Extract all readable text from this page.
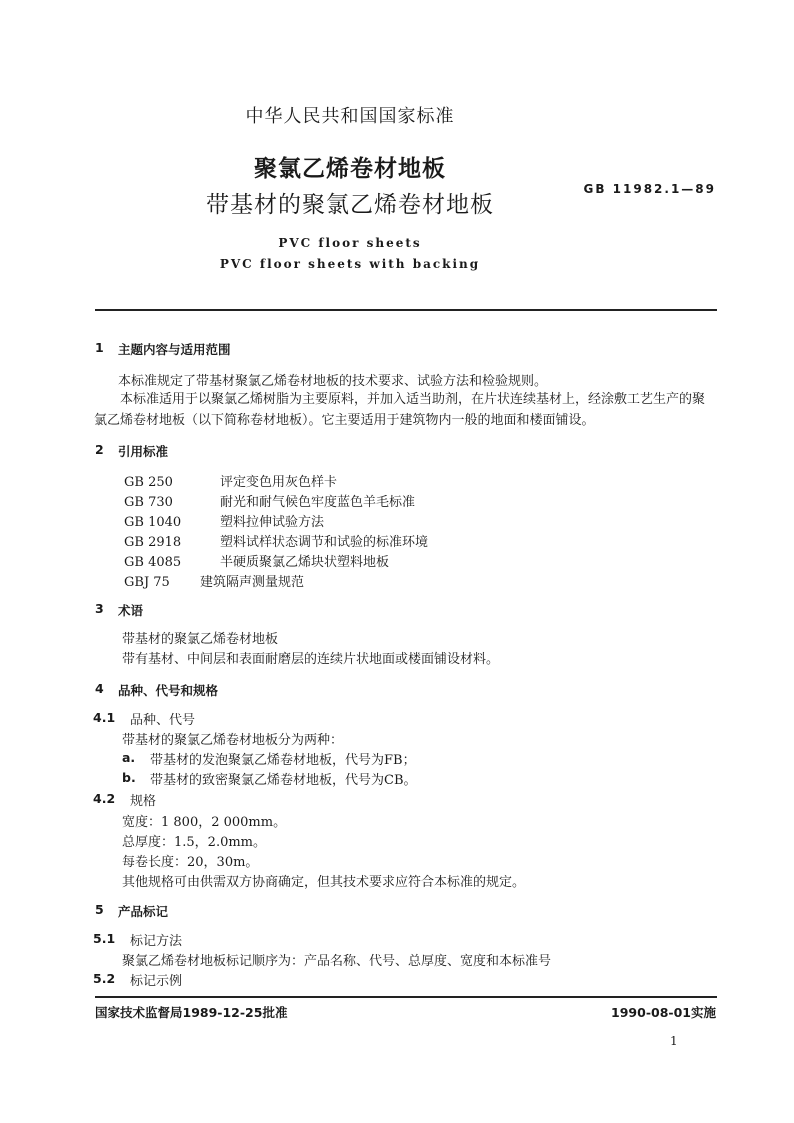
中华人民共和国国家标准
聚氯乙烯卷材地板
带基材的聚氯乙烯卷材地板
GB 11982.1—89
PVC floor sheets
PVC floor sheets with backing
1 主题内容与适用范围
本标准规定了带基材聚氯乙烯卷材地板的技术要求、试验方法和检验规则。
本标准适用于以聚氯乙烯树脂为主要原料，并加入适当助剂，在片状连续基材上，经涂敷工艺生产的聚氯乙烯卷材地板（以下简称卷材地板）。它主要适用于建筑物内一般的地面和楼面铺设。
2 引用标准
GB 250	评定变色用灰色样卡
GB 730	耐光和耐气候色牢度蓝色羊毛标准
GB 1040	塑料拉伸试验方法
GB 2918	塑料试样状态调节和试验的标准环境
GB 4085	半硬质聚氯乙烯块状塑料地板
GBJ 75 建筑隔声测量规范
3 术语
带基材的聚氯乙烯卷材地板
带有基材、中间层和表面耐磨层的连续片状地面或楼面铺设材料。
4 品种、代号和规格
4.1 品种、代号
带基材的聚氯乙烯卷材地板分为两种：
a. 带基材的发泡聚氯乙烯卷材地板，代号为FB；
b. 带基材的致密聚氯乙烯卷材地板，代号为CB。
4.2 规格
宽度：1 800，2 000mm。
总厚度：1.5，2.0mm。
每卷长度：20，30m。
其他规格可由供需双方协商确定，但其技术要求应符合本标准的规定。
5 产品标记
5.1 标记方法
聚氯乙烯卷材地板标记顺序为：产品名称、代号、总厚度、宽度和本标准号
5.2 标记示例
国家技术监督局1989-12-25批准	1990-08-01实施
1
